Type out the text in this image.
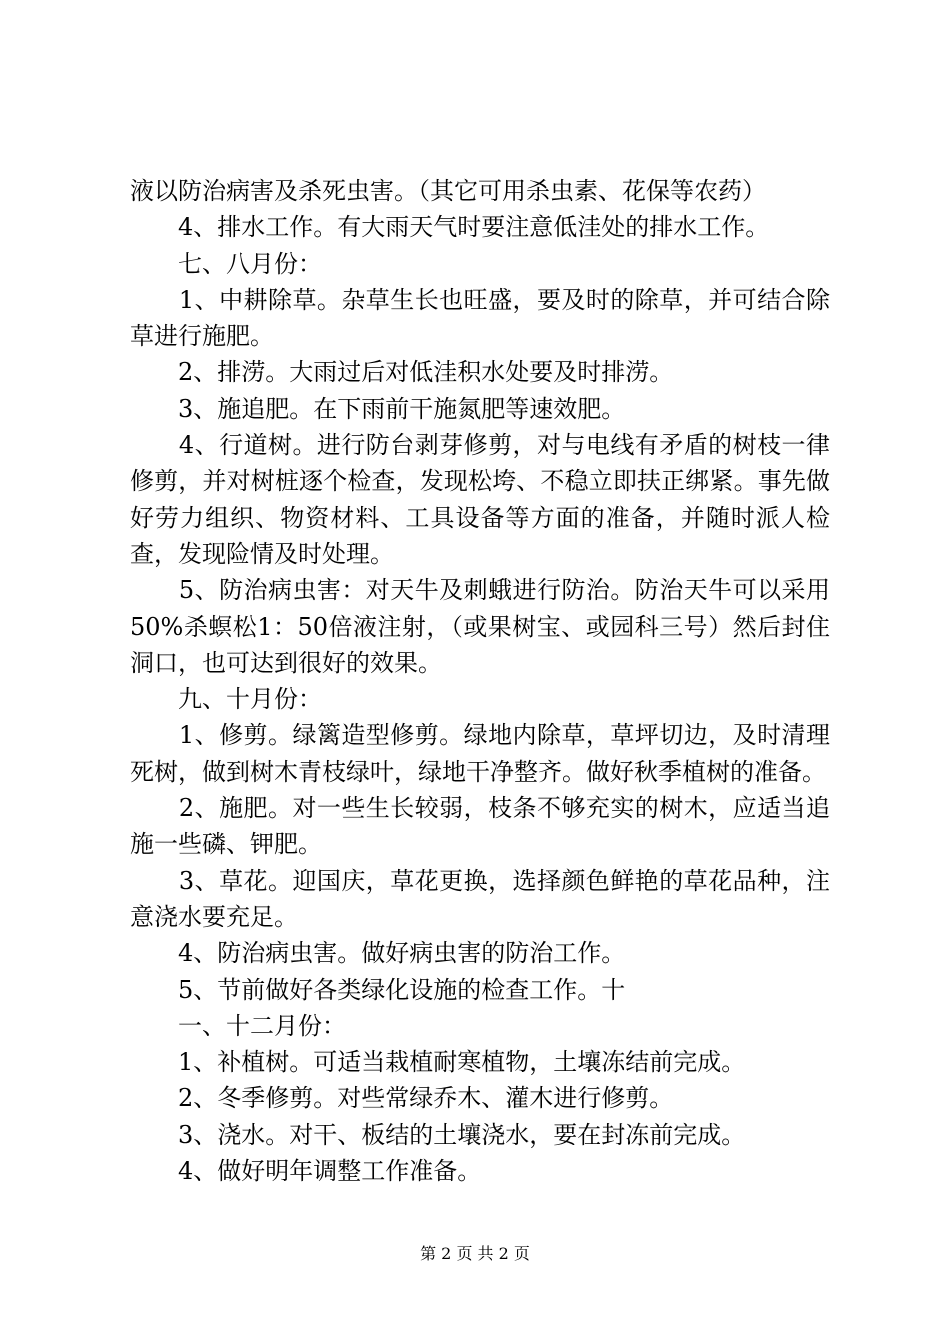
液以防治病害及杀死虫害。（其它可用杀虫素、花保等农药）

　　4、排水工作。有大雨天气时要注意低洼处的排水工作。

　　七、八月份：

　　1、中耕除草。杂草生长也旺盛，要及时的除草，并可结合除草进行施肥。

　　2、排涝。大雨过后对低洼积水处要及时排涝。

　　3、施追肥。在下雨前干施氮肥等速效肥。

　　4、行道树。进行防台剥芽修剪，对与电线有矛盾的树枝一律修剪，并对树桩逐个检查，发现松垮、不稳立即扶正绑紧。事先做好劳力组织、物资材料、工具设备等方面的准备，并随时派人检查，发现险情及时处理。

　　5、防治病虫害：对天牛及刺蛾进行防治。防治天牛可以采用50%杀螟松1：50倍液注射，（或果树宝、或园科三号）然后封住洞口，也可达到很好的效果。

　　九、十月份：

　　1、修剪。绿篱造型修剪。绿地内除草，草坪切边，及时清理死树，做到树木青枝绿叶，绿地干净整齐。做好秋季植树的准备。

　　2、施肥。对一些生长较弱，枝条不够充实的树木，应适当追施一些磷、钾肥。

　　3、草花。迎国庆，草花更换，选择颜色鲜艳的草花品种，注意浇水要充足。

　　4、防治病虫害。做好病虫害的防治工作。

　　5、节前做好各类绿化设施的检查工作。十

　　一、十二月份：

　　1、补植树。可适当栽植耐寒植物，土壤冻结前完成。

　　2、冬季修剪。对些常绿乔木、灌木进行修剪。

　　3、浇水。对干、板结的土壤浇水，要在封冻前完成。

　　4、做好明年调整工作准备。

第 2 页 共 2 页
